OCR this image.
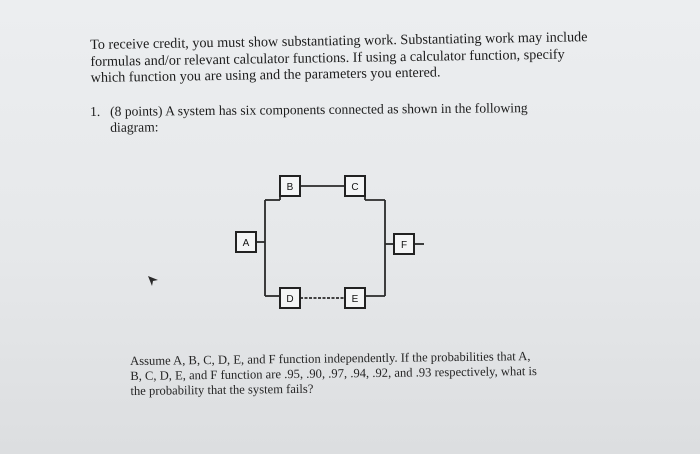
To receive credit, you must show substantiating work. Substantiating work may include
formulas and/or relevant calculator functions. If using a calculator function, specify
which function you are using and the parameters you entered.
1. (8 points) A system has six components connected as shown in the following
diagram:
A
B	C
D	E
F
Assume A, B, C, D, E, and F function independently. If the probabilities that A,
B, C, D, E, and F function are .95, .90, .97, .94, .92, and .93 respectively, what is
the probability that the system fails?
